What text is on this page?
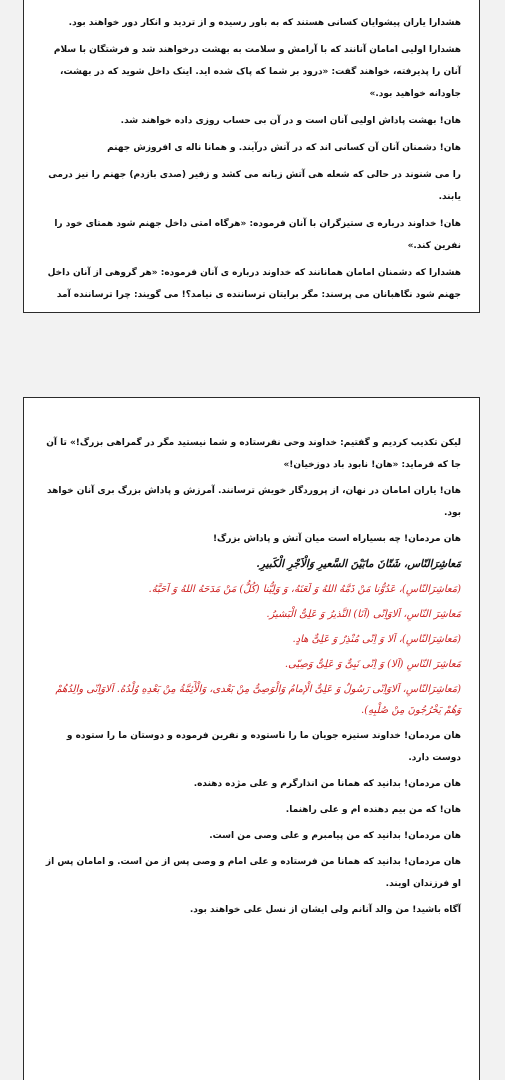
هشدارا یاران پیشوایان کسانی هستند که به باور رسیده و از تردید و انکار دور خواهند بود.

هشدارا اولیی امامان آنانند که با آرامش و سلامت به بهشت درخواهند شد و فرشتگان با سلام آنان را پذیرفته، خواهند گفت: «درود بر شما که پاک شده اید. اینک داخل شوید که در بهشت، جاودانه خواهید بود.»

هان! بهشت پاداش اولیی آنان است و در آن بی حساب روزی داده خواهند شد.

هان! دشمنان آنان آن کسانی اند که در آتش درآیند. و همانا ناله ی افروزش جهنم

را می شنوند در حالی که شعله هی آتش زبانه می کشد و زفیر (صدی بازدم) جهنم را نیز درمی یابند.

هان! خداوند درباره ی ستیزگران با آنان فرموده: «هرگاه امتی داخل جهنم شود همتای خود را نفرین کند.»

هشدارا که دشمنان امامان همانانند که خداوند درباره ی آنان فرموده: «هر گروهی از آنان داخل جهنم شود نگاهبانان می پرسند: مگر برایتان ترساننده ی نیامد؟! می گویند: چرا ترساننده آمد

لیکن تکذیب کردیم و گفتیم: خداوند وحی نفرستاده و شما نیستید مگر در گمراهی بزرگ!» تا آن جا که فرماید: «هان! نابود باد دوزخیان!»

هان! یاران امامان در نهان، از پروردگار خویش ترسانند. آمرزش و پاداش بزرگ بری آنان خواهد بود.

هان مردمان! چه بسیاراه است میان آتش و پاداش بزرگ!

مَعاشِرَالنّاس، شَتّانَ مابَیْنَ السَّعیرِ وَالْاَجْرِ الْکَبیرِ.

(مَعاشِرَالنّاسِ)، عَدُوُّنا مَنْ ذَمَّهُ اللهُ وَ لَعَنَهُ، وَ وَلِیُّنا (کُلُّ) مَنْ مَدَحَهُ اللهُ وَ اَحَبَّهُ.

مَعاشِرَ النّاسِ، اَلاوَاِنّی (اَنَا) النَّذیرُ وَ عَلِیٌّ الْبَشیرُ.

(مَعاشِرَالنّاسِ)، اَلا وَ اِنّی مُنْذِرٌ وَ عَلِیٌّ هادٍ.

مَعاشِرَ النّاسِ (اَلا) وَ اِنّی نَبِیٌّ وَ عَلِیٌّ وَصِیّی.

(مَعاشِرَالنّاسِ، اَلاوَاِنّی رَسُولٌ وَ عَلِیٌّ الْإمامُ وَالْوَصِیُّ مِنْ بَعْدی، وَالْأَئِمَّةُ مِنْ بَعْدِهِ وُلْدُهُ. اَلاوَاِنّی والِدُهُمْ وَهُمْ یَخْرُجُونَ مِنْ صُلْبِهِ).

هان مردمان! خداوند ستیزه جویان ما را ناستوده و نفرین فرموده و دوستان ما را ستوده و دوست دارد.

هان مردمان! بدانید که همانا من انذارگرم و علی مژده دهنده.

هان! که من بیم دهنده ام و علی راهنما.

هان مردمان! بدانید که من پیامبرم و علی وصی من است.

هان مردمان! بدانید که همانا من فرستاده و علی امام و وصی پس از من است. و امامان پس از او فرزندان اویند.

آگاه باشید! من والد آنانم ولی ایشان از نسل علی خواهند بود.
